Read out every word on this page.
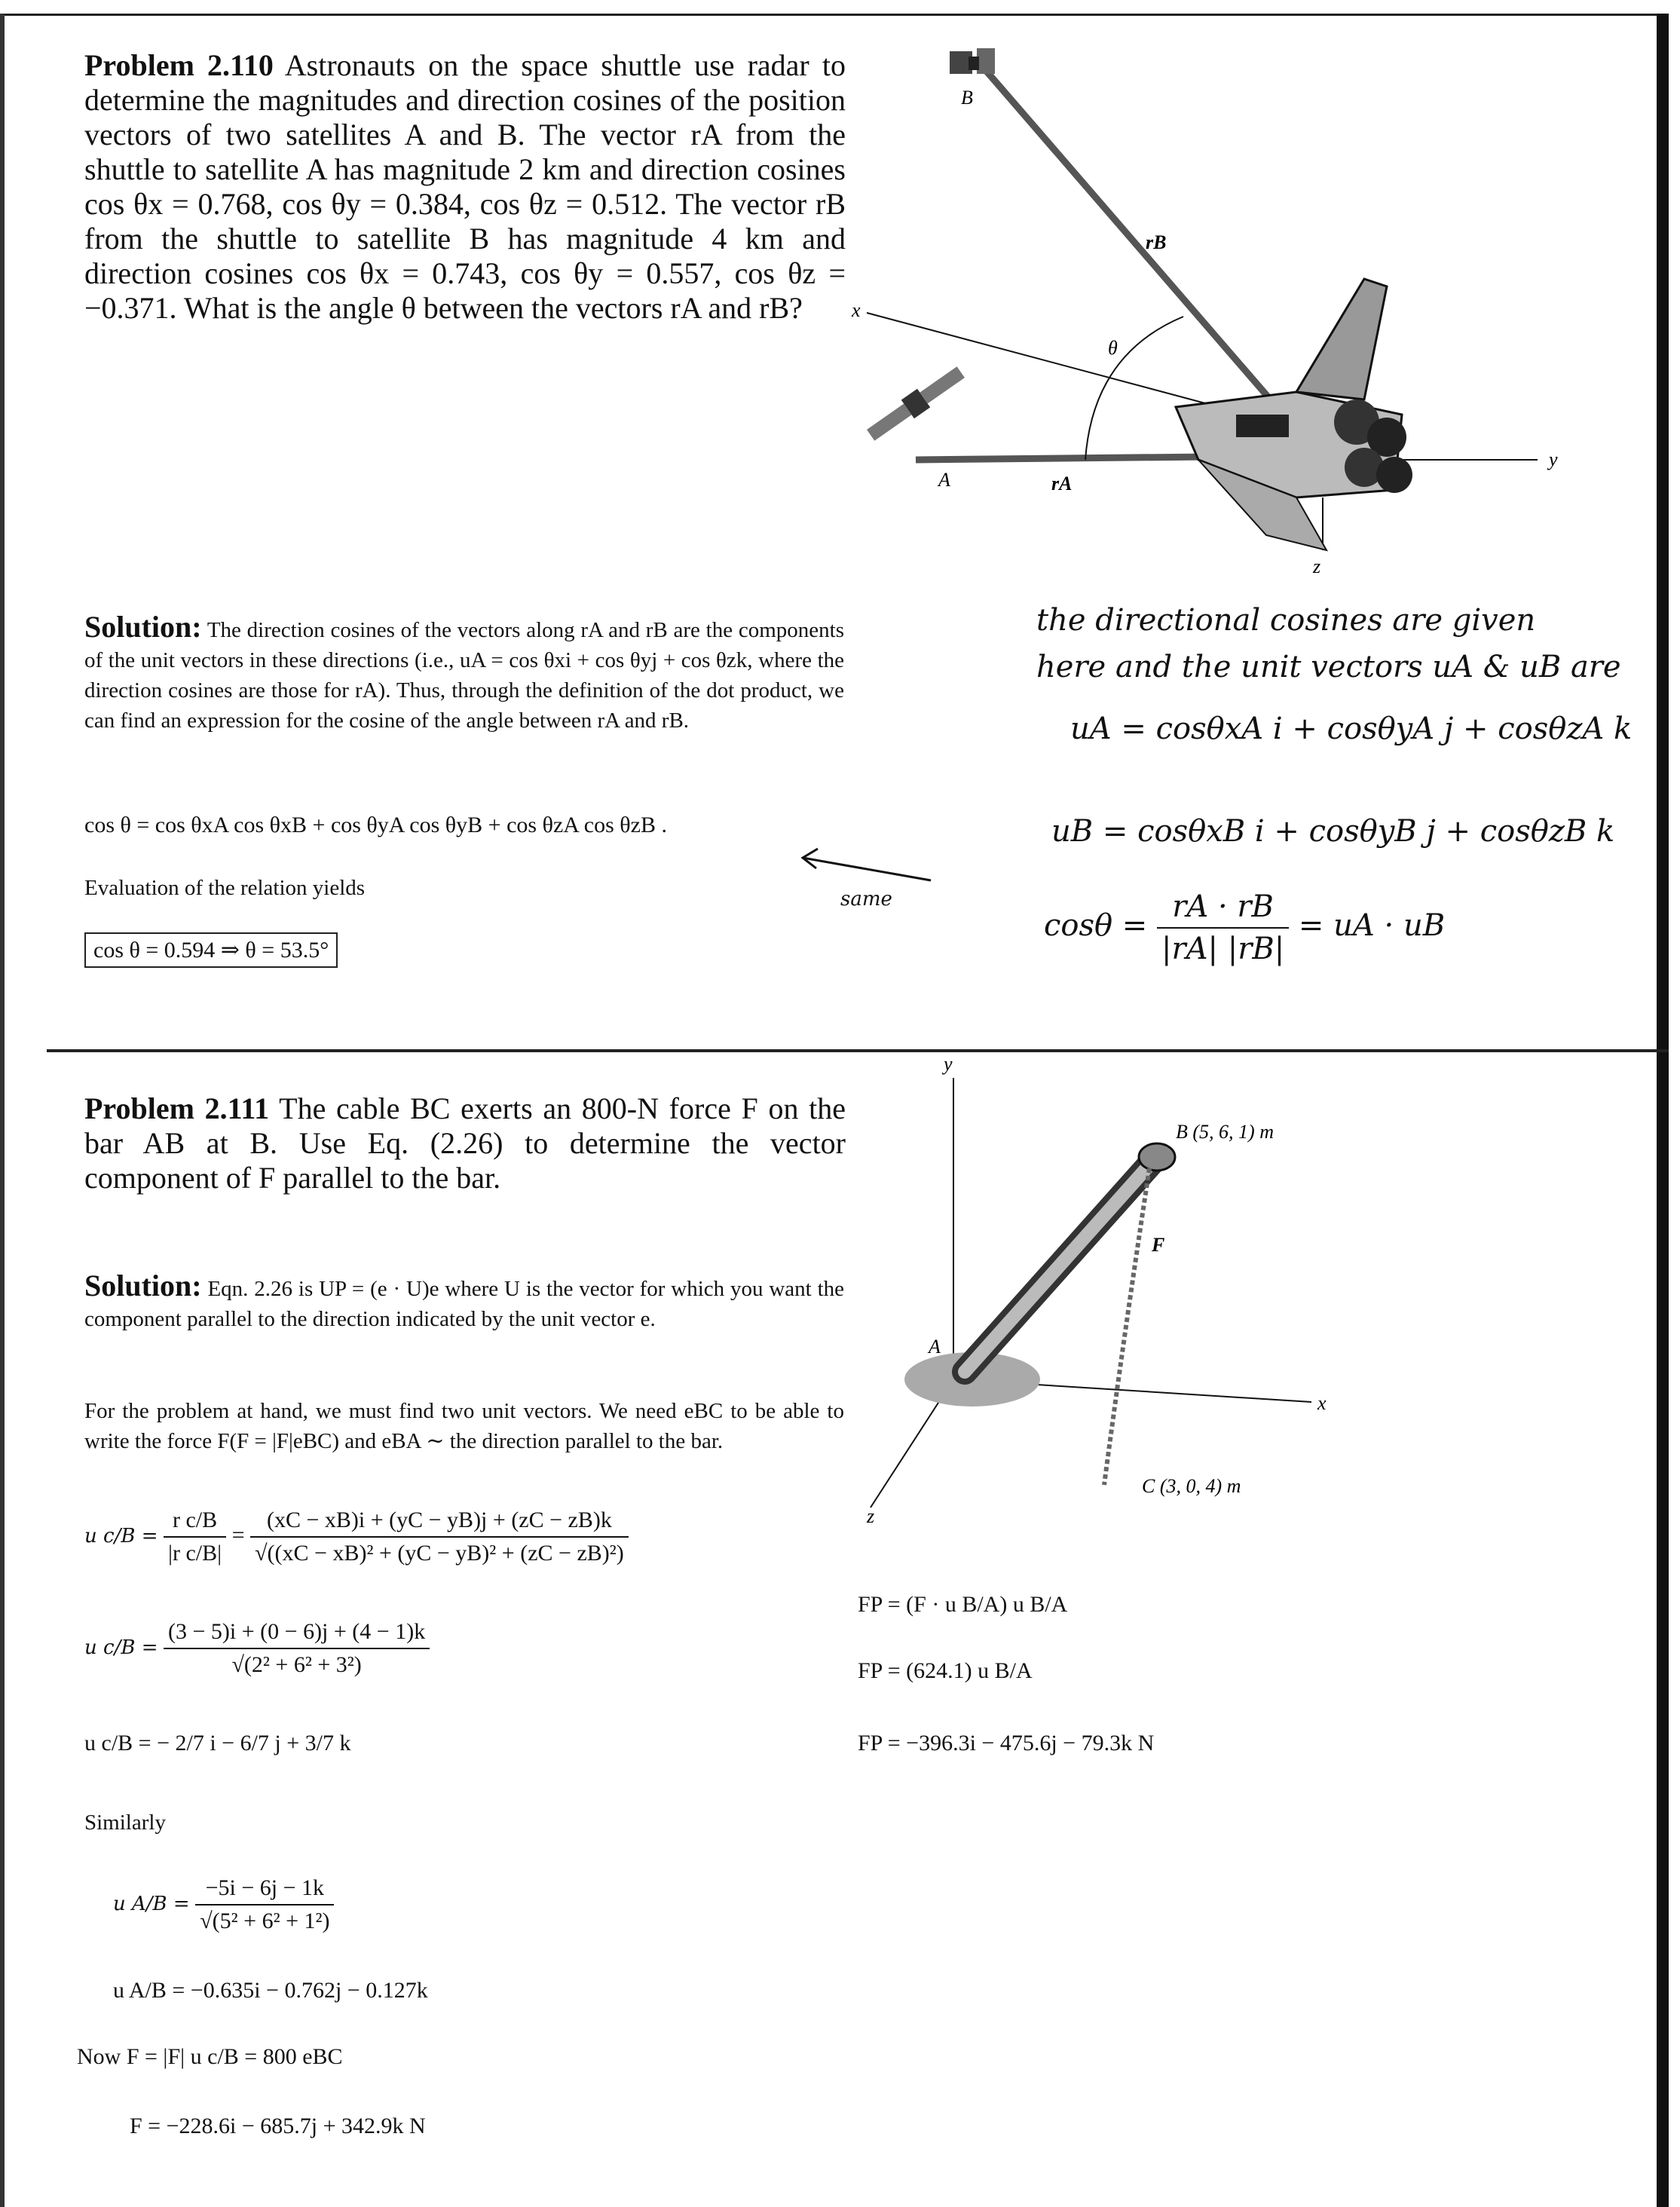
Problem 2.110 Astronauts on the space shuttle use radar to determine the magnitudes and direction cosines of the position vectors of two satellites A and B. The vector rA from the shuttle to satellite A has magnitude 2 km and direction cosines cos θx = 0.768, cos θy = 0.384, cos θz = 0.512. The vector rB from the shuttle to satellite B has magnitude 4 km and direction cosines cos θx = 0.743, cos θy = 0.557, cos θz = −0.371. What is the angle θ between the vectors rA and rB?	x
y
z
B
A
rB
rA
θ
Solution: The direction cosines of the vectors along rA and rB are the components of the unit vectors in these directions (i.e., uA = cos θxi + cos θyj + cos θzk, where the direction cosines are those for rA). Thus, through the definition of the dot product, we can find an expression for the cosine of the angle between rA and rB.
cos θ = cos θxA cos θxB + cos θyA cos θyB + cos θzA cos θzB .
Evaluation of the relation yields
cos θ = 0.594 ⇒ θ = 53.5°
same
the directional cosines are given
here and the unit vectors uA & uB are
uA = cosθxA i + cosθyA j + cosθzA k
uB = cosθxB i + cosθyB j + cosθzB k
$\cos\theta = \frac{rA \cdot rB}{|rA| |rB|}$ = uA · uB
Problem 2.111 The cable BC exerts an 800-N force F on the bar AB at B. Use Eq. (2.26) to determine the vector component of F parallel to the bar.
y
x
z
A
B (5, 6, 1) m
C (3, 0, 4) m
F
Solution: Eqn. 2.26 is UP = (e · U)e where U is the vector for which you want the component parallel to the direction indicated by the unit vector e.
For the problem at hand, we must find two unit vectors. We need eBC to be able to write the force F(F = |F|eBC) and eBA ∼ the direction parallel to the bar.
u $c/B = \frac{\text{r c/B}}{\text{|r c/B|}} = \frac{(xC - xB)i + (yC - yB)j + (zC - zB)k}{\text{√((xC − xB)² + (yC − yB)² + (zC − zB)²)}}$
u $c/B = \frac{(3 - 5)i + (0 - 6)j + (4 - 1)k}{\text{√(2² + 6² + 3²)}}$
u c/B = − 2/7 i − 6/7 j + 3/7 k
Similarly
u $A/B = \frac{-5i - 6j - 1k}{\text{√(5² + 6² + 1²)}}$
u A/B = −0.635i − 0.762j − 0.127k
Now F = |F| u c/B = 800 eBC
F = −228.6i − 685.7j + 342.9k N
FP = (F · u B/A) u B/A
FP = (624.1) u B/A
FP = −396.3i − 475.6j − 79.3k N
